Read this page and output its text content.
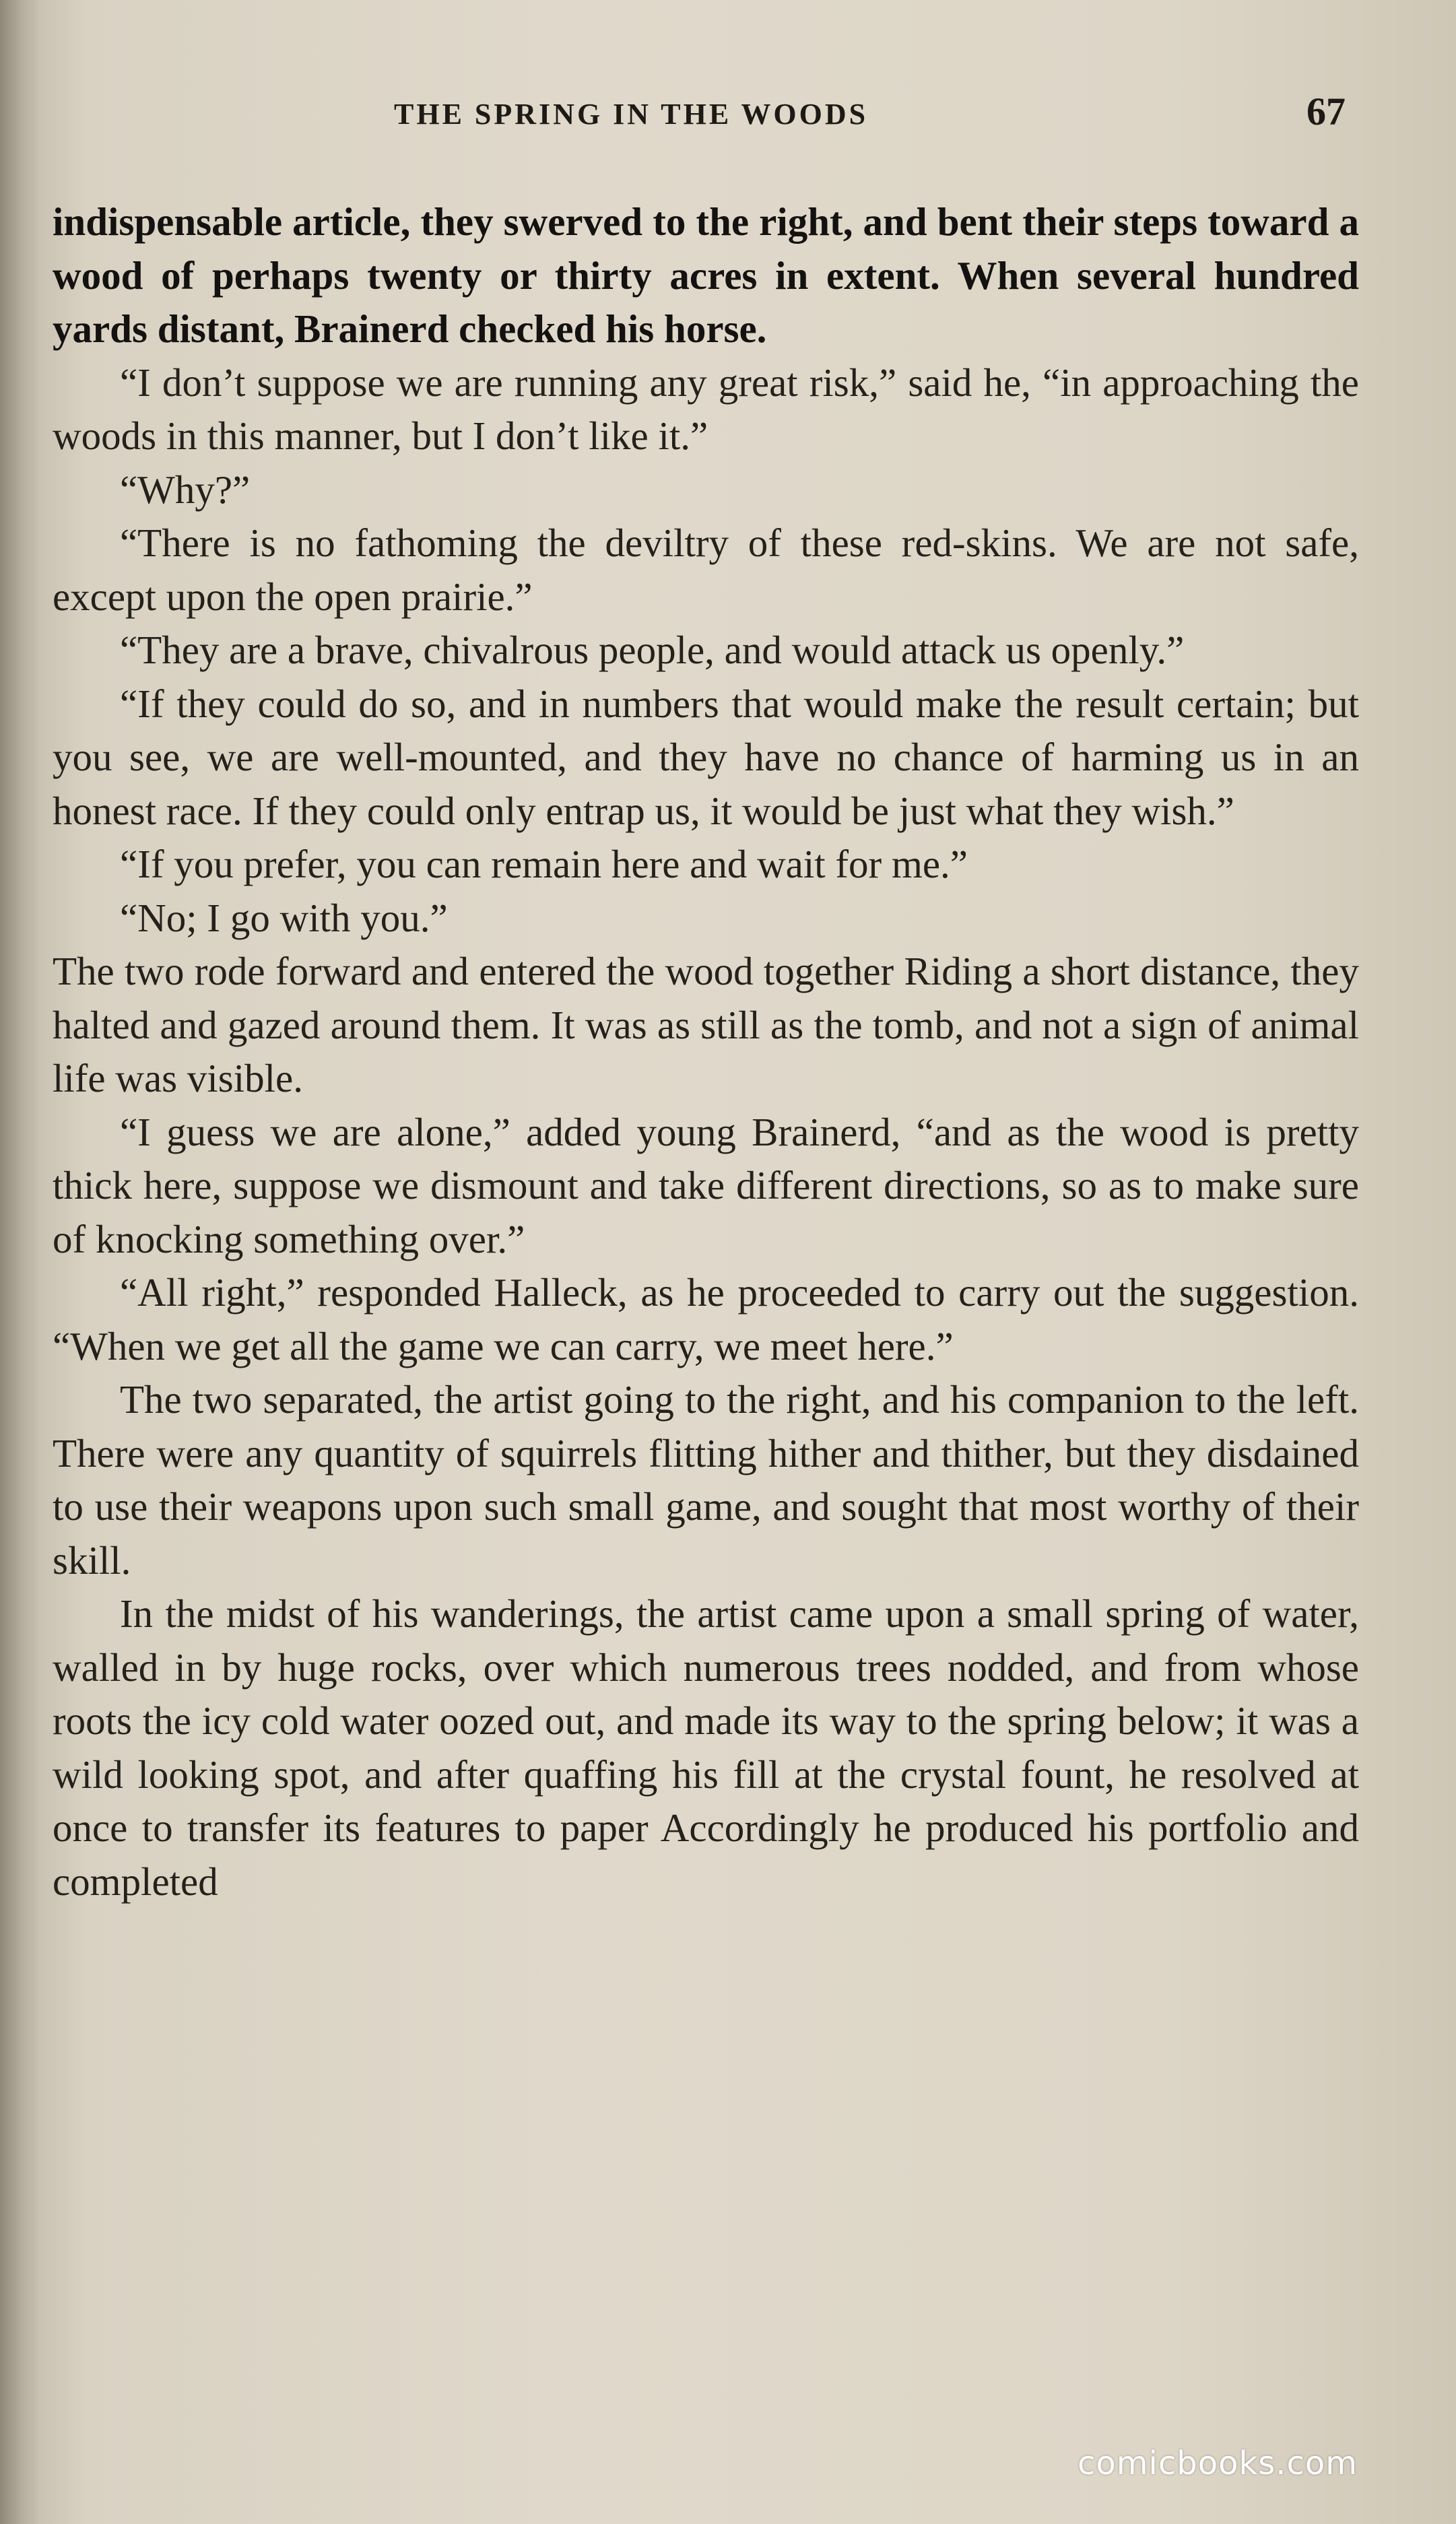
THE SPRING IN THE WOODS	67

indispensable article, they swerved to the right, and bent their steps toward a wood of perhaps twenty or thirty acres in extent. When several hundred yards distant, Brainerd checked his horse.

“I don’t suppose we are running any great risk,” said he, “in approaching the woods in this manner, but I don’t like it.”

“Why?”

“There is no fathoming the deviltry of these red-skins. We are not safe, except upon the open prairie.”

“They are a brave, chivalrous people, and would attack us openly.”

“If they could do so, and in numbers that would make the result certain; but you see, we are well-mounted, and they have no chance of harming us in an honest race. If they could only entrap us, it would be just what they wish.”

“If you prefer, you can remain here and wait for me.”

“No; I go with you.”

The two rode forward and entered the wood together Riding a short distance, they halted and gazed around them. It was as still as the tomb, and not a sign of animal life was visible.

“I guess we are alone,” added young Brainerd, “and as the wood is pretty thick here, suppose we dismount and take different directions, so as to make sure of knocking something over.”

“All right,” responded Halleck, as he proceeded to carry out the suggestion. “When we get all the game we can carry, we meet here.”

The two separated, the artist going to the right, and his companion to the left. There were any quantity of squirrels flitting hither and thither, but they disdained to use their weapons upon such small game, and sought that most worthy of their skill.

In the midst of his wanderings, the artist came upon a small spring of water, walled in by huge rocks, over which numerous trees nodded, and from whose roots the icy cold water oozed out, and made its way to the spring below; it was a wild looking spot, and after quaffing his fill at the crystal fount, he resolved at once to transfer its features to paper Accordingly he produced his portfolio and completed

comicbooks.com
